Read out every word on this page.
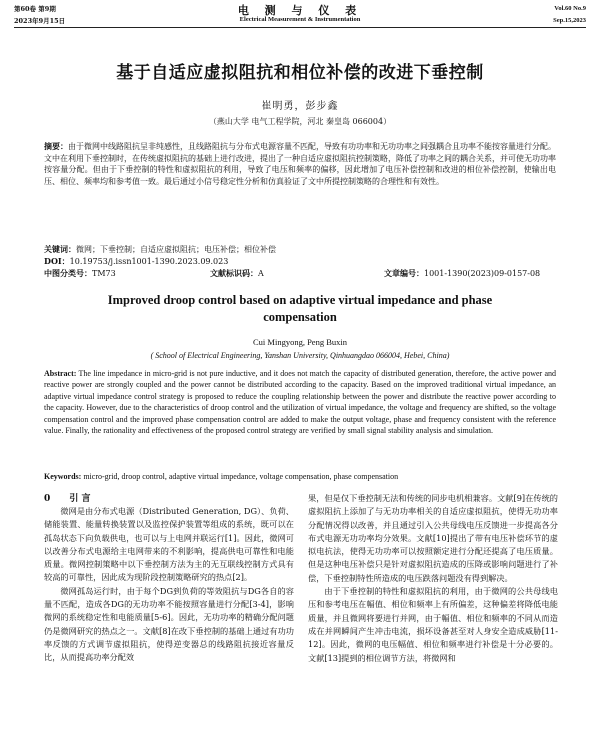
第60卷 第9期
2023年9月15日
电 测 与 仪 表
Electrical Measurement & Instrumentation
Vol.60 No.9
Sep.15,2023
基于自适应虚拟阻抗和相位补偿的改进下垂控制
崔明勇，彭步鑫
（燕山大学 电气工程学院，河北 秦皇岛 066004）
摘要：由于微网中线路阻抗呈非纯感性，且线路阻抗与分布式电源容量不匹配，导致有功功率和无功功率之间强耦合且功率不能按容量进行分配。文中在利用下垂控制时，在传统虚拟阻抗的基础上进行改进，提出了一种自适应虚拟阻抗控制策略，降低了功率之间的耦合关系，并可使无功功率按容量分配。但由于下垂控制的特性和虚拟阻抗的利用，导致了电压和频率的偏移，因此增加了电压补偿控制和改进的相位补偿控制，使输出电压、相位、频率均和参考值一致。最后通过小信号稳定性分析和仿真验证了文中所提控制策略的合理性和有效性。
关键词：微网；下垂控制；自适应虚拟阻抗；电压补偿；相位补偿
DOI：10.19753/j.issn1001-1390.2023.09.023
中图分类号：TM73	文献标识码：A	文章编号：1001-1390(2023)09-0157-08
Improved droop control based on adaptive virtual impedance and phase compensation
Cui Mingyong, Peng Buxin
( School of Electrical Engineering, Yanshan University, Qinhuangdao 066004, Hebei, China)
Abstract: The line impedance in micro-grid is not pure inductive, and it does not match the capacity of distributed generation, therefore, the active power and reactive power are strongly coupled and the power cannot be distributed according to the capacity. Based on the improved traditional virtual impedance, an adaptive virtual impedance control strategy is proposed to reduce the coupling relationship between the power and distribute the reactive power according to the capacity. However, due to the characteristics of droop control and the utilization of virtual impedance, the voltage and frequency are shifted, so the voltage compensation control and the improved phase compensation control are added to make the output voltage, phase and frequency consistent with the reference value. Finally, the rationality and effectiveness of the proposed control strategy are verified by small signal stability analysis and simulation.
Keywords: micro-grid, droop control, adaptive virtual impedance, voltage compensation, phase compensation
0 引 言

微网是由分布式电源（Distributed Generation, DG）、负荷、储能装置、能量转换装置以及监控保护装置等组成的系统，既可以在孤岛状态下向负载供电，也可以与上电网并联运行[1]。因此，微网可以改善分布式电源给主电网带来的不利影响，提高供电可靠性和电能质量。微网控制策略中以下垂控制方法为主的无互联线控制方式具有较高的可靠性，因此成为现阶段控制策略研究的热点[2]。

微网孤岛运行时，由于每个DG到负荷的等效阻抗与DG各自的容量不匹配，造成各DG的无功功率不能按照容量进行分配[3-4]，影响微网的系统稳定性和电能质量[5-6]。因此，无功功率的精确分配问题仍是微网研究的热点之一。文献[8]在改下垂控制的基础上通过有功功率反馈的方式调节虚拟阻抗，使得逆变器总的线路阻抗接近容量反比，从而提高功率分配效

果，但是仅下垂控制无法和传统的同步电机相兼容。文献[9]在传统的虚拟阻抗上添加了与无功功率相关的自适应虚拟阻抗，使得无功功率分配情况得以改善，并且通过引入公共母线电压反馈进一步提高各分布式电源无功功率均分效果。文献[10]提出了带有电压补偿环节的虚拟电抗法，使得无功功率可以按照额定进行分配还提高了电压质量。但是这种电压补偿只是针对虚拟阻抗造成的压降或影响问题进行了补偿，下垂控制特性所造成的电压跌落问题没有得到解决。

由于下垂控制的特性和虚拟阻抗的利用，由于微网的公共母线电压和参考电压在幅值、相位和频率上有所偏差，这种偏差将降低电能质量，并且微网将要进行并网，由于幅值、相位和频率的不同从而造成在并网瞬间产生冲击电流，损坏设备甚至对人身安全造成威胁[11-12]。因此，微网的电压幅值、相位和频率进行补偿是十分必要的。文献[13]提到的相位调节方法，将微网和
